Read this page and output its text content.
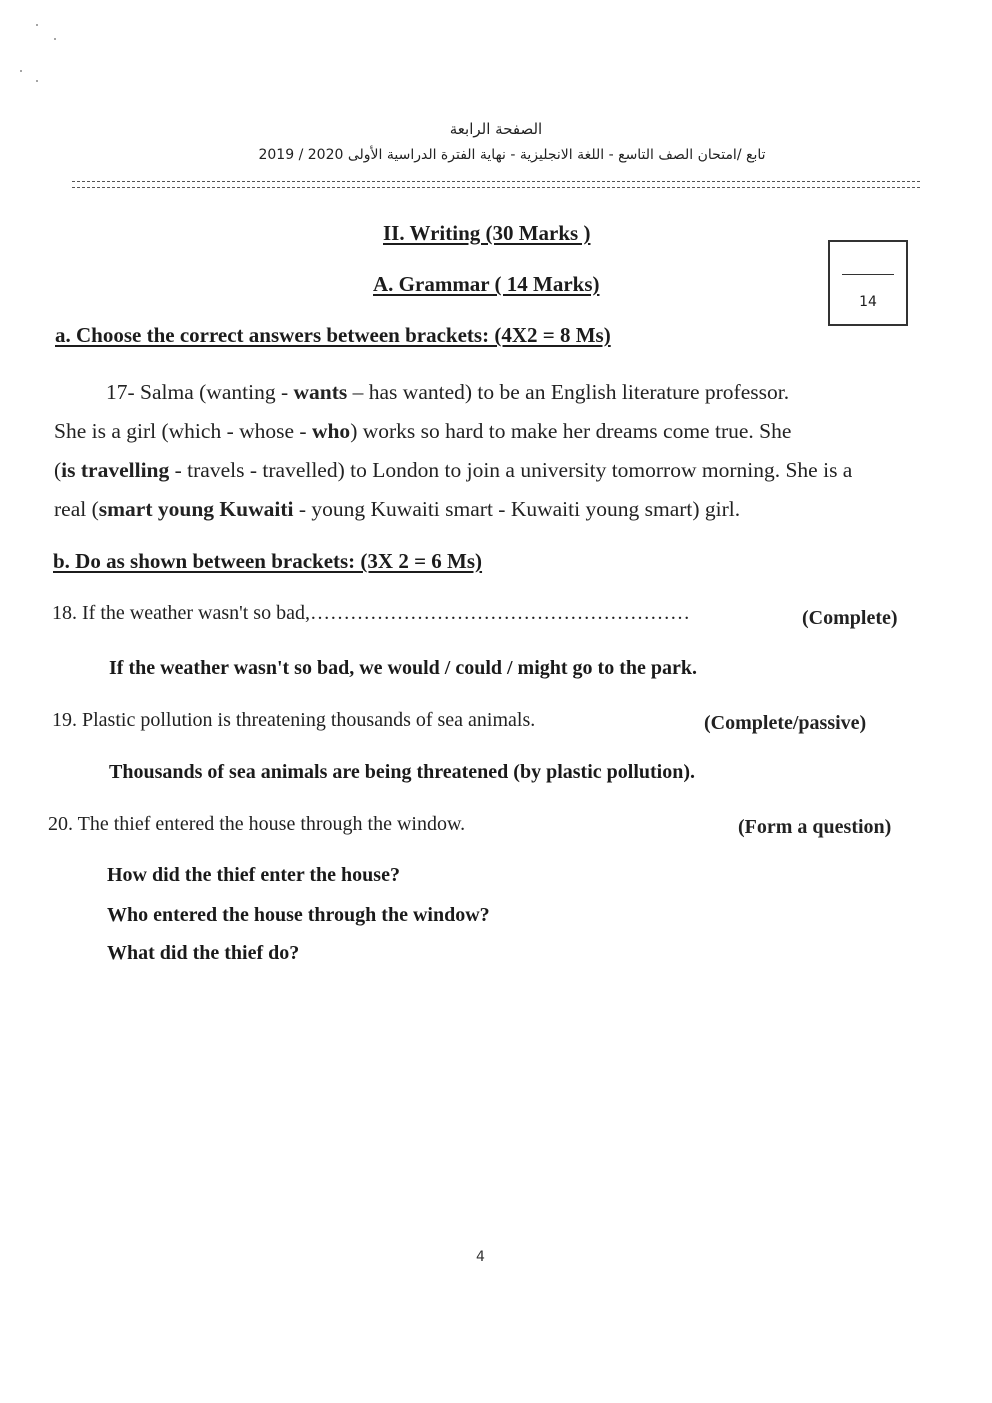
الصفحة الرابعة
تابع /امتحان الصف التاسع - اللغة الانجليزية - نهاية الفترة الدراسية الأولى 2020 / 2019
II. Writing (30 Marks )
A. Grammar ( 14 Marks)
14
a. Choose the correct answers between brackets: (4X2 = 8 Ms)
17- Salma (wanting - wants – has wanted) to be an English literature professor.
She is a girl (which - whose - who) works so hard to make her dreams come true. She
(is travelling - travels - travelled) to London to join a university tomorrow morning. She is a
real (smart young Kuwaiti - young Kuwaiti smart - Kuwaiti young smart) girl.
b. Do as shown between brackets: (3X 2 = 6 Ms)
18. If the weather wasn't so bad,…………………………………………………	(Complete)
If the weather wasn't so bad, we would / could / might go to the park.
19. Plastic pollution is threatening thousands of sea animals.	(Complete/passive)
Thousands of sea animals are being threatened (by plastic pollution).
20. The thief entered the house through the window.	(Form a question)
How did the thief enter the house?
Who entered the house through the window?
What did the thief do?
4
